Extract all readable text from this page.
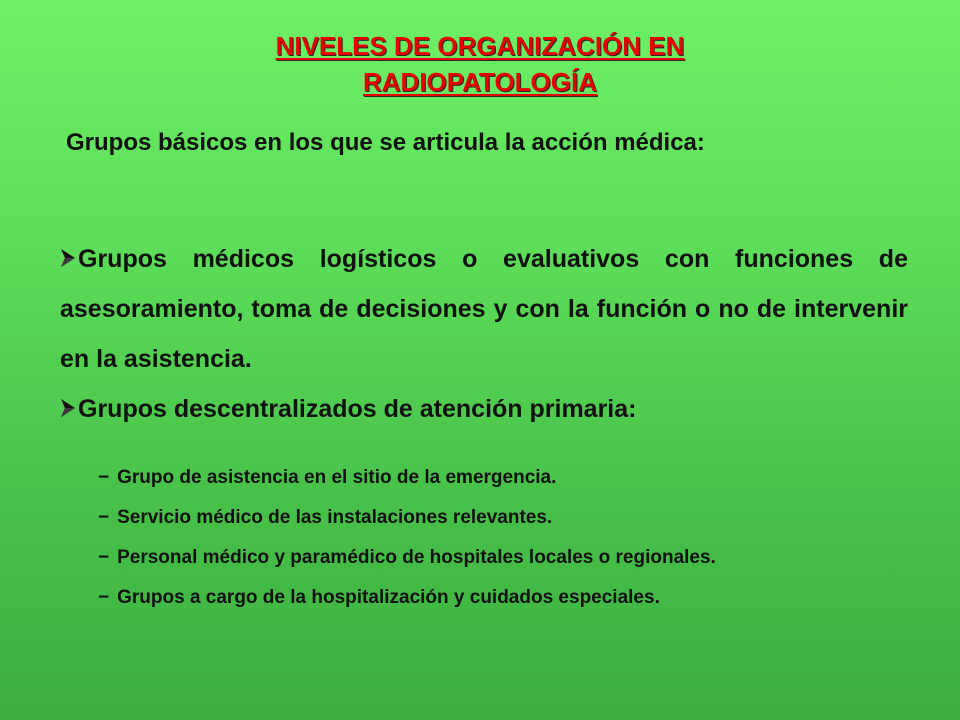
NIVELES DE ORGANIZACIÓN EN
RADIOPATOLOGÍA
Grupos básicos en los que se articula la acción médica:

Grupos médicos logísticos o evaluativos con funciones de asesoramiento, toma de decisiones y con la función o no de intervenir en la asistencia.

Grupos descentralizados de atención primaria:

− Grupo de asistencia en el sitio de la emergencia.

− Servicio médico de las instalaciones relevantes.

− Personal médico y paramédico de hospitales locales o regionales.

− Grupos a cargo de la hospitalización y cuidados especiales.
